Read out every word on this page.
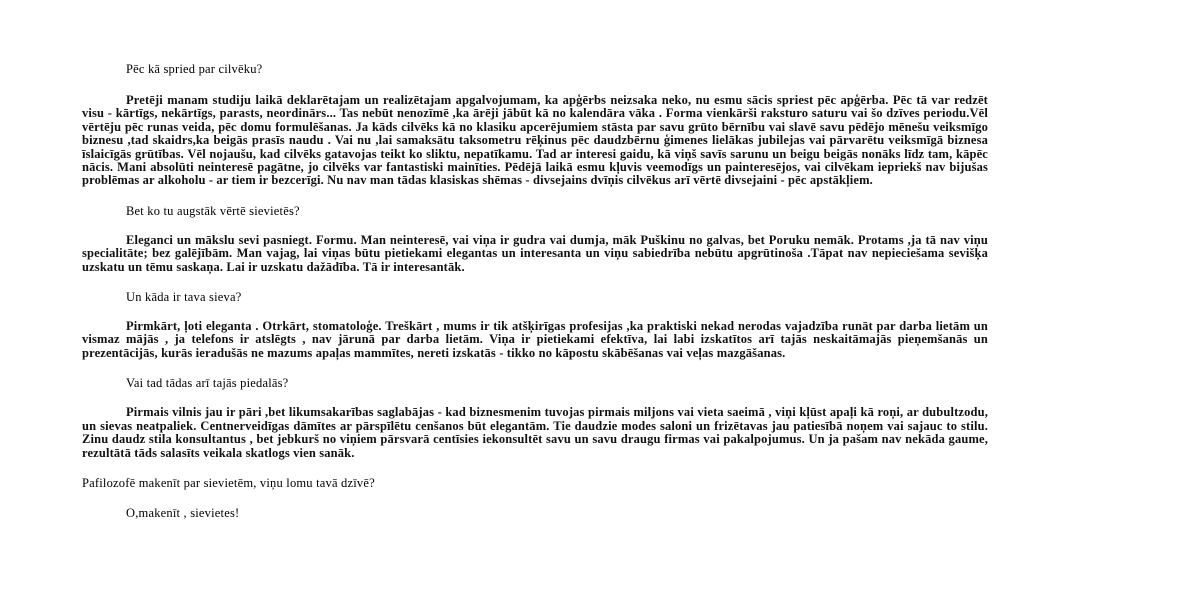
Pēc kā spried par cilvēku?

Pretēji manam studiju laikā deklarētajam un realizētajam apgalvojumam, ka apģērbs neizsaka neko, nu esmu sācis spriest pēc apģērba. Pēc tā var redzēt visu - kārtīgs, nekārtīgs, parasts, neordinārs... Tas nebūt nenozīmē ,ka ārēji jābūt kā no kalendāra vāka . Forma vienkārši raksturo saturu vai šo dzīves periodu.Vēl vērtēju pēc runas veida, pēc domu formulēšanas. Ja kāds cilvēks kā no klasiku apcerējumiem stāsta par savu grūto bērnību vai slavē savu pēdējo mēnešu veiksmīgo biznesu ,tad skaidrs,ka beigās prasīs naudu . Vai nu ,lai samaksātu taksometru rēķinus pēc daudzbērnu ģimenes lielākas jubilejas vai pārvarētu veiksmīgā biznesa īslaicīgās grūtības. Vēl nojaušu, kad cilvēks gatavojas teikt ko sliktu, nepatīkamu. Tad ar interesi gaidu, kā viņš savīs sarunu un beigu beigās nonāks līdz tam, kāpēc nācis. Mani absolūti neinteresē pagātne, jo cilvēks var fantastiski mainīties. Pēdējā laikā esmu kļuvis veemodīgs un painteresējos, vai cilvēkam iepriekš nav bijušas problēmas ar alkoholu - ar tiem ir bezcerīgi. Nu nav man tādas klasiskas shēmas - divsejains dvīņis cilvēkus arī vērtē divsejaini - pēc apstākļiem.

Bet ko tu augstāk vērtē sievietēs?

Eleganci un mākslu sevi pasniegt. Formu. Man neinteresē, vai viņa ir gudra vai dumja, māk Puškinu no galvas, bet Poruku nemāk. Protams ,ja tā nav viņu specialitāte; bez galējībām. Man vajag, lai viņas būtu pietiekami elegantas un interesanta un viņu sabiedrība nebūtu apgrūtinoša .Tāpat nav nepieciešama sevišķa uzskatu un tēmu saskaņa. Lai ir uzskatu dažādība. Tā ir interesantāk.

Un kāda ir tava sieva?

Pirmkārt, ļoti eleganta . Otrkārt, stomatoloģe. Treškārt , mums ir tik atšķirīgas profesijas ,ka praktiski nekad nerodas vajadzība runāt par darba lietām un vismaz mājās , ja telefons ir atslēgts , nav jārunā par darba lietām. Viņa ir pietiekami efektīva, lai labi izskatītos arī tajās neskaitāmajās pieņemšanās un prezentācijās, kurās ieradušās ne mazums apaļas mammītes, nereti izskatās - tikko no kāpostu skābēšanas vai veļas mazgāšanas.

Vai tad tādas arī tajās piedalās?

Pirmais vilnis jau ir pāri ,bet likumsakarības saglabājas - kad biznesmenim tuvojas pirmais miljons vai vieta saeimā , viņi kļūst apaļi kā roņi, ar dubultzodu, un sievas neatpaliek. Centnerveidīgas dāmītes ar pārspīlētu cenšanos būt elegantām. Tie daudzie modes saloni un frizētavas jau patiesībā noņem vai sajauc to stilu. Zinu daudz stila konsultantus , bet jebkurš no viņiem pārsvarā centīsies iekonsultēt savu un savu draugu firmas vai pakalpojumus. Un ja pašam nav nekāda gaume, rezultātā tāds salasīts veikala skatlogs vien sanāk.

Pafilozofē makenīt par sievietēm, viņu lomu tavā dzīvē?

O,makenīt , sievietes!
